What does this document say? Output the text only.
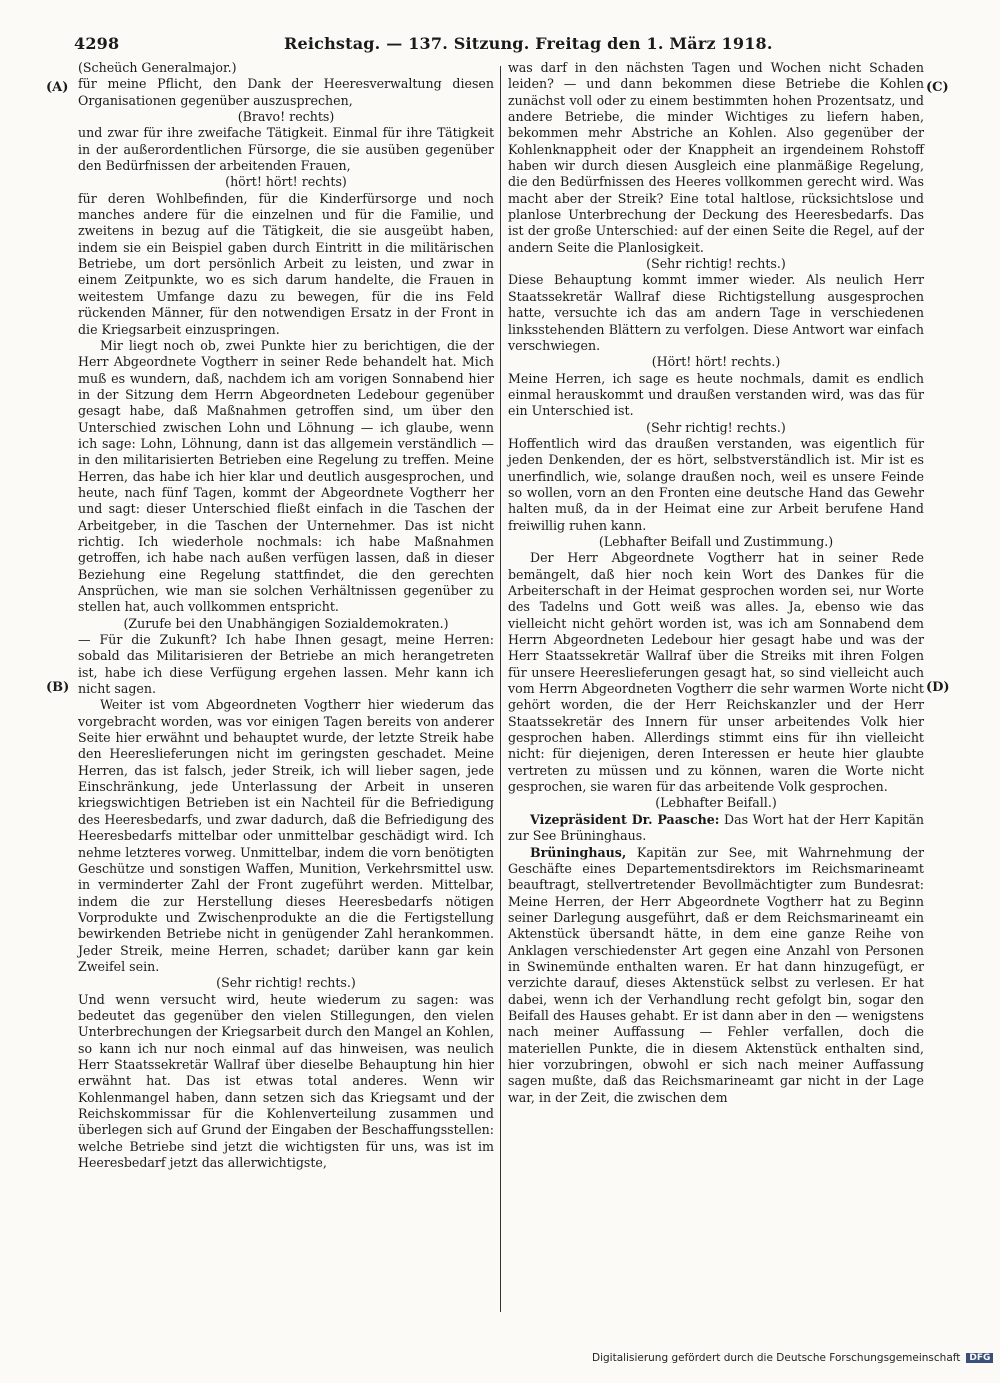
4298	Reichstag. — 137. Sitzung. Freitag den 1. März 1918.
(A)
(B)
(C)
(D)

(Scheüch Generalmajor.)

für meine Pflicht, den Dank der Heeresverwaltung diesen Organisationen gegenüber auszusprechen,

(Bravo! rechts)

und zwar für ihre zweifache Tätigkeit. Einmal für ihre Tätigkeit in der außerordentlichen Fürsorge, die sie ausüben gegenüber den Bedürfnissen der arbeitenden Frauen,

(hört! hört! rechts)

für deren Wohlbefinden, für die Kinderfürsorge und noch manches andere für die einzelnen und für die Familie, und zweitens in bezug auf die Tätigkeit, die sie ausgeübt haben, indem sie ein Beispiel gaben durch Eintritt in die militärischen Betriebe, um dort persönlich Arbeit zu leisten, und zwar in einem Zeitpunkte, wo es sich darum handelte, die Frauen in weitestem Umfange dazu zu bewegen, für die ins Feld rückenden Männer, für den notwendigen Ersatz in der Front in die Kriegsarbeit einzuspringen.

Mir liegt noch ob, zwei Punkte hier zu berichtigen, die der Herr Abgeordnete Vogtherr in seiner Rede behandelt hat. Mich muß es wundern, daß, nachdem ich am vorigen Sonnabend hier in der Sitzung dem Herrn Abgeordneten Ledebour gegenüber gesagt habe, daß Maßnahmen getroffen sind, um über den Unterschied zwischen Lohn und Löhnung — ich glaube, wenn ich sage: Lohn, Löhnung, dann ist das allgemein verständlich — in den militarisierten Betrieben eine Regelung zu treffen. Meine Herren, das habe ich hier klar und deutlich ausgesprochen, und heute, nach fünf Tagen, kommt der Abgeordnete Vogtherr her und sagt: dieser Unterschied fließt einfach in die Taschen der Arbeitgeber, in die Taschen der Unternehmer. Das ist nicht richtig. Ich wiederhole nochmals: ich habe Maßnahmen getroffen, ich habe nach außen verfügen lassen, daß in dieser Beziehung eine Regelung stattfindet, die den gerechten Ansprüchen, wie man sie solchen Verhältnissen gegenüber zu stellen hat, auch vollkommen entspricht.

(Zurufe bei den Unabhängigen Sozialdemokraten.)

— Für die Zukunft? Ich habe Ihnen gesagt, meine Herren: sobald das Militarisieren der Betriebe an mich herangetreten ist, habe ich diese Verfügung ergehen lassen. Mehr kann ich nicht sagen.

Weiter ist vom Abgeordneten Vogtherr hier wiederum das vorgebracht worden, was vor einigen Tagen bereits von anderer Seite hier erwähnt und behauptet wurde, der letzte Streik habe den Heereslieferungen nicht im geringsten geschadet. Meine Herren, das ist falsch, jeder Streik, ich will lieber sagen, jede Einschränkung, jede Unterlassung der Arbeit in unseren kriegswichtigen Betrieben ist ein Nachteil für die Befriedigung des Heeresbedarfs, und zwar dadurch, daß die Befriedigung des Heeresbedarfs mittelbar oder unmittelbar geschädigt wird. Ich nehme letzteres vorweg. Unmittelbar, indem die vorn benötigten Geschütze und sonstigen Waffen, Munition, Verkehrsmittel usw. in verminderter Zahl der Front zugeführt werden. Mittelbar, indem die zur Herstellung dieses Heeresbedarfs nötigen Vorprodukte und Zwischenprodukte an die die Fertigstellung bewirkenden Betriebe nicht in genügender Zahl herankommen. Jeder Streik, meine Herren, schadet; darüber kann gar kein Zweifel sein.

(Sehr richtig! rechts.)

Und wenn versucht wird, heute wiederum zu sagen: was bedeutet das gegenüber den vielen Stillegungen, den vielen Unterbrechungen der Kriegsarbeit durch den Mangel an Kohlen, so kann ich nur noch einmal auf das hinweisen, was neulich Herr Staatssekretär Wallraf über dieselbe Behauptung hin hier erwähnt hat. Das ist etwas total anderes. Wenn wir Kohlenmangel haben, dann setzen sich das Kriegsamt und der Reichskommissar für die Kohlenverteilung zusammen und überlegen sich auf Grund der Eingaben der Beschaffungsstellen: welche Betriebe sind jetzt die wichtigsten für uns, was ist im Heeresbedarf jetzt das allerwichtigste,

was darf in den nächsten Tagen und Wochen nicht Schaden leiden? — und dann bekommen diese Betriebe die Kohlen zunächst voll oder zu einem bestimmten hohen Prozentsatz, und andere Betriebe, die minder Wichtiges zu liefern haben, bekommen mehr Abstriche an Kohlen. Also gegenüber der Kohlenknappheit oder der Knappheit an irgendeinem Rohstoff haben wir durch diesen Ausgleich eine planmäßige Regelung, die den Bedürfnissen des Heeres vollkommen gerecht wird. Was macht aber der Streik? Eine total haltlose, rücksichtslose und planlose Unterbrechung der Deckung des Heeresbedarfs. Das ist der große Unterschied: auf der einen Seite die Regel, auf der andern Seite die Planlosigkeit.

(Sehr richtig! rechts.)

Diese Behauptung kommt immer wieder. Als neulich Herr Staatssekretär Wallraf diese Richtigstellung ausgesprochen hatte, versuchte ich das am andern Tage in verschiedenen linksstehenden Blättern zu verfolgen. Diese Antwort war einfach verschwiegen.

(Hört! hört! rechts.)

Meine Herren, ich sage es heute nochmals, damit es endlich einmal herauskommt und draußen verstanden wird, was das für ein Unterschied ist.

(Sehr richtig! rechts.)

Hoffentlich wird das draußen verstanden, was eigentlich für jeden Denkenden, der es hört, selbstverständlich ist. Mir ist es unerfindlich, wie, solange draußen noch, weil es unsere Feinde so wollen, vorn an den Fronten eine deutsche Hand das Gewehr halten muß, da in der Heimat eine zur Arbeit berufene Hand freiwillig ruhen kann.

(Lebhafter Beifall und Zustimmung.)

Der Herr Abgeordnete Vogtherr hat in seiner Rede bemängelt, daß hier noch kein Wort des Dankes für die Arbeiterschaft in der Heimat gesprochen worden sei, nur Worte des Tadelns und Gott weiß was alles. Ja, ebenso wie das vielleicht nicht gehört worden ist, was ich am Sonnabend dem Herrn Abgeordneten Ledebour hier gesagt habe und was der Herr Staatssekretär Wallraf über die Streiks mit ihren Folgen für unsere Heereslieferungen gesagt hat, so sind vielleicht auch vom Herrn Abgeordneten Vogtherr die sehr warmen Worte nicht gehört worden, die der Herr Reichskanzler und der Herr Staatssekretär des Innern für unser arbeitendes Volk hier gesprochen haben. Allerdings stimmt eins für ihn vielleicht nicht: für diejenigen, deren Interessen er heute hier glaubte vertreten zu müssen und zu können, waren die Worte nicht gesprochen, sie waren für das arbeitende Volk gesprochen.

(Lebhafter Beifall.)

Vizepräsident Dr. Paasche: Das Wort hat der Herr Kapitän zur See Brüninghaus.

Brüninghaus, Kapitän zur See, mit Wahrnehmung der Geschäfte eines Departementsdirektors im Reichsmarineamt beauftragt, stellvertretender Bevollmächtigter zum Bundesrat: Meine Herren, der Herr Abgeordnete Vogtherr hat zu Beginn seiner Darlegung ausgeführt, daß er dem Reichsmarineamt ein Aktenstück übersandt hätte, in dem eine ganze Reihe von Anklagen verschiedenster Art gegen eine Anzahl von Personen in Swinemünde enthalten waren. Er hat dann hinzugefügt, er verzichte darauf, dieses Aktenstück selbst zu verlesen. Er hat dabei, wenn ich der Verhandlung recht gefolgt bin, sogar den Beifall des Hauses gehabt. Er ist dann aber in den — wenigstens nach meiner Auffassung — Fehler verfallen, doch die materiellen Punkte, die in diesem Aktenstück enthalten sind, hier vorzubringen, obwohl er sich nach meiner Auffassung sagen mußte, daß das Reichsmarineamt gar nicht in der Lage war, in der Zeit, die zwischen dem

Digitalisierung gefördert durch die Deutsche Forschungsgemeinschaft DFG
